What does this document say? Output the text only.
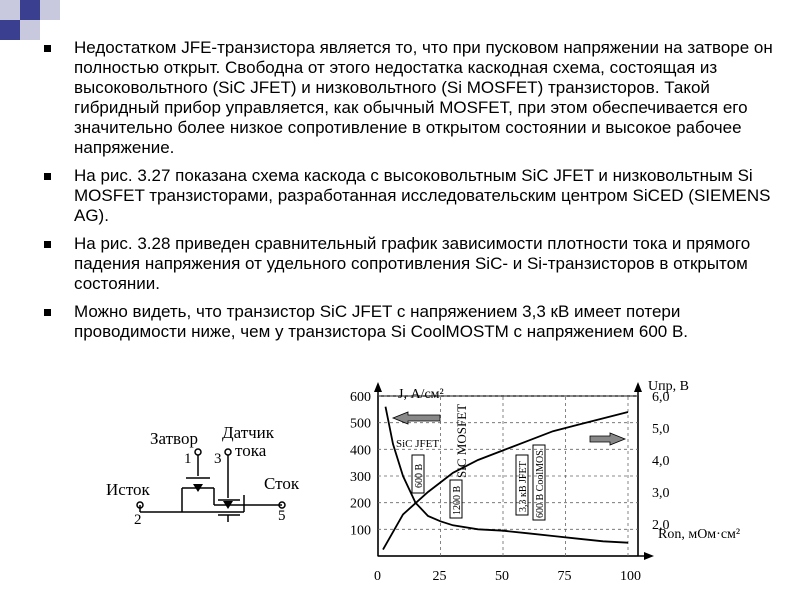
Недостатком JFE-транзистора является то, что при пусковом напряжении на затворе он полностью открыт. Свободна от этого недостатка каскодная схема, состоящая из высоковольтного (SiC JFET) и низковольтного (Si MOSFET) транзисторов. Такой гибридный прибор управляется, как обычный MOSFET, при этом обеспечивается его значительно более низкое сопротивление в открытом состоянии и высокое рабочее напряжение.
На рис. 3.27 показана схема каскода с высоковольтным SiC JFET и низковольтным Si MOSFET транзисторами, разработанная исследовательским центром SiCED (SIEMENS AG).
На рис. 3.28 приведен сравнительный график зависимости плотности тока и прямого падения напряжения от удельного сопротивления SiC- и Si-транзисторов в открытом состоянии.
Можно видеть, что транзистор SiC JFET с напряжением 3,3 кВ имеет потери проводимости ниже, чем у транзистора Si CoolMOSTM с напряжением 600 В.
Затвор Датчик
тока
Исток	Сток
1 3
2	5
100
200
300
400
500
600
2,0
3,0
4,0
5,0
6,0
0	25	50	75	100
J, А/см²
Uпр, В
Ron, мОм·см²
SiC JFET SiC MOSFET
600 B
1200 B	3,3 кВ JFET 600 B CoolMOS
